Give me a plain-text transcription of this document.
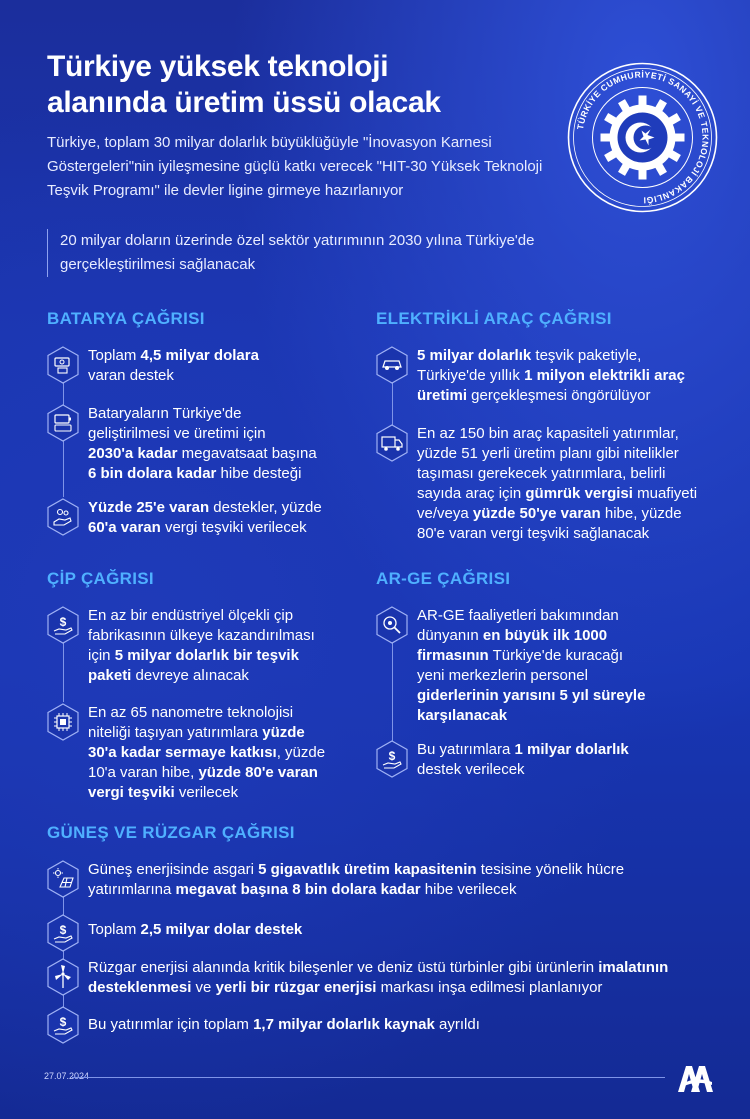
Türkiye yüksek teknoloji
alanında üretim üssü olacak
Türkiye, toplam 30 milyar dolarlık büyüklüğüyle "İnovasyon Karnesi Göstergeleri"nin iyileşmesine güçlü katkı verecek "HIT-30 Yüksek Teknoloji Teşvik Programı" ile devler ligine girmeye hazırlanıyor
20 milyar doların üzerinde özel sektör yatırımının 2030 yılına Türkiye'de gerçekleştirilmesi sağlanacak
TÜRKİYE CUMHURİYETİ SANAYİ VE TEKNOLOJİ BAKANLIĞI
BATARYA ÇAĞRISI
Toplam 4,5 milyar dolara
varan destek
Bataryaların Türkiye'de
geliştirilmesi ve üretimi için
2030'a kadar megavatsaat başına
6 bin dolara kadar hibe desteği
Yüzde 25'e varan destekler, yüzde
60'a varan vergi teşviki verilecek
ELEKTRİKLİ ARAÇ ÇAĞRISI
5 milyar dolarlık teşvik paketiyle,
Türkiye'de yıllık 1 milyon elektrikli araç
üretimi gerçekleşmesi öngörülüyor
En az 150 bin araç kapasiteli yatırımlar,
yüzde 51 yerli üretim planı gibi nitelikler
taşıması gerekecek yatırımlara, belirli
sayıda araç için gümrük vergisi muafiyeti
ve/veya yüzde 50'ye varan hibe, yüzde
80'e varan vergi teşviki sağlanacak
ÇİP ÇAĞRISI
$ En az bir endüstriyel ölçekli çip
fabrikasının ülkeye kazandırılması
için 5 milyar dolarlık bir teşvik
paketi devreye alınacak
En az 65 nanometre teknolojisi
niteliği taşıyan yatırımlara yüzde
30'a kadar sermaye katkısı, yüzde
10'a varan hibe, yüzde 80'e varan
vergi teşviki verilecek
AR-GE ÇAĞRISI
AR-GE faaliyetleri bakımından
dünyanın en büyük ilk 1000
firmasının Türkiye'de kuracağı
yeni merkezlerin personel
giderlerinin yarısını 5 yıl süreyle
karşılanacak
$ Bu yatırımlara 1 milyar dolarlık
destek verilecek
GÜNEŞ VE RÜZGAR ÇAĞRISI
Güneş enerjisinde asgari 5 gigavatlık üretim kapasitenin tesisine yönelik hücre
yatırımlarına megavat başına 8 bin dolara kadar hibe verilecek
$ Toplam 2,5 milyar dolar destek
Rüzgar enerjisi alanında kritik bileşenler ve deniz üstü türbinler gibi ürünlerin imalatının
desteklenmesi ve yerli bir rüzgar enerjisi markası inşa edilmesi planlanıyor
$ Bu yatırımlar için toplam 1,7 milyar dolarlık kaynak ayrıldı
27.07.2024
